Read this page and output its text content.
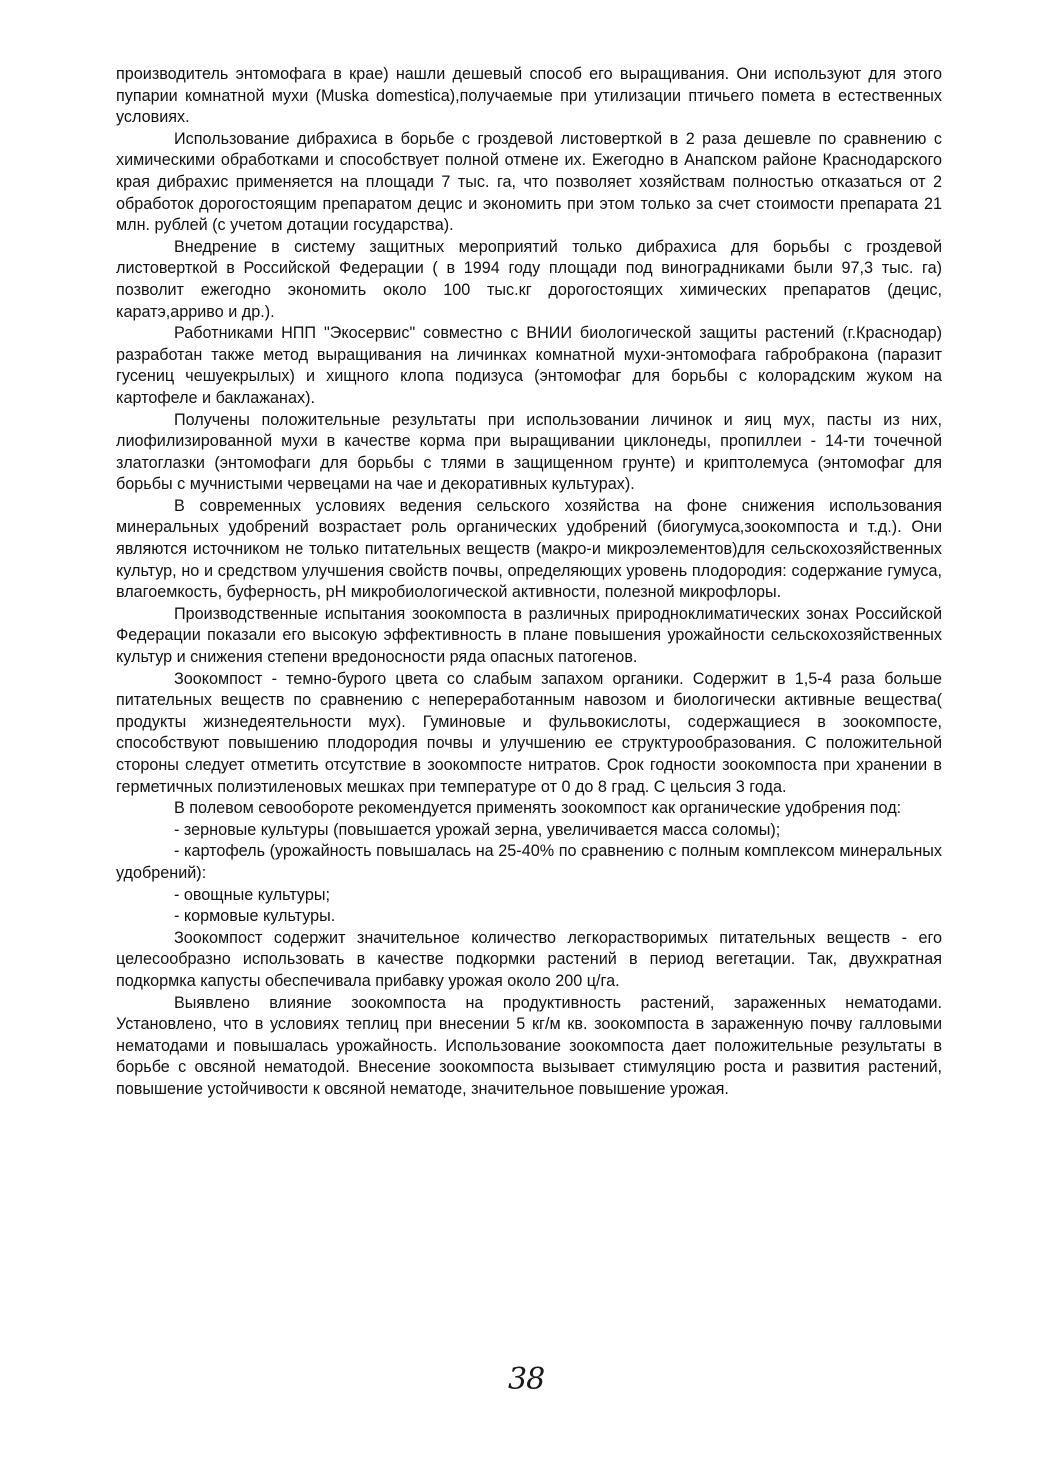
производитель энтомофага в крае) нашли дешевый способ его выращивания. Они используют для этого пупарии комнатной мухи (Muska domestica),получаемые при утилизации птичьего помета в естественных условиях.

Использование дибрахиса в борьбе с гроздевой листоверткой в 2 раза дешевле по сравнению с химическими обработками и способствует полной отмене их. Ежегодно в Анапском районе Краснодарского края дибрахис применяется на площади 7 тыс. га, что позволяет хозяйствам полностью отказаться от 2 обработок дорогостоящим препаратом децис и экономить при этом только за счет стоимости препарата 21 млн. рублей (с учетом дотации государства).

Внедрение в систему защитных мероприятий только дибрахиса для борьбы с гроздевой листоверткой в Российской Федерации ( в 1994 году площади под виноградниками были 97,3 тыс. га) позволит ежегодно экономить около 100 тыс.кг дорогостоящих химических препаратов (децис, каратэ,арриво и др.).

Работниками НПП "Экосервис" совместно с ВНИИ биологической защиты растений (г.Краснодар) разработан также метод выращивания на личинках комнатной мухи-энтомофага габробракона (паразит гусениц чешуекрылых) и хищного клопа подизуса (энтомофаг для борьбы с колорадским жуком на картофеле и баклажанах).

Получены положительные результаты при использовании личинок и яиц мух, пасты из них, лиофилизированной мухи в качестве корма при выращивании циклонеды, пропиллеи - 14-ти точечной златоглазки (энтомофаги для борьбы с тлями в защищенном грунте) и криптолемуса (энтомофаг для борьбы с мучнистыми червецами на чае и декоративных культурах).

В современных условиях ведения сельского хозяйства на фоне снижения использования минеральных удобрений возрастает роль органических удобрений (биогумуса,зоокомпоста и т.д.). Они являются источником не только питательных веществ (макро-и микроэлементов)для сельскохозяйственных культур, но и средством улучшения свойств почвы, определяющих уровень плодородия: содержание гумуса, влагоемкость, буферность, рН микробиологической активности, полезной микрофлоры.

Производственные испытания зоокомпоста в различных природноклиматических зонах Российской Федерации показали его высокую эффективность в плане повышения урожайности сельскохозяйственных культур и снижения степени вредоносности ряда опасных патогенов.

Зоокомпост - темно-бурого цвета со слабым запахом органики. Содержит в 1,5-4 раза больше питательных веществ по сравнению с непереработанным навозом и биологически активные вещества( продукты жизнедеятельности мух). Гуминовые и фульвокислоты, содержащиеся в зоокомпосте, способствуют повышению плодородия почвы и улучшению ее структурообразования. С положительной стороны следует отметить отсутствие в зоокомпосте нитратов. Срок годности зоокомпоста при хранении в герметичных полиэтиленовых мешках при температуре от 0 до 8 град. С цельсия 3 года.

В полевом севообороте рекомендуется применять зоокомпост как органические удобрения под:

- зерновые культуры (повышается урожай зерна, увеличивается масса соломы);

- картофель (урожайность повышалась на 25-40% по сравнению с полным комплексом минеральных удобрений):

- овощные культуры;

- кормовые культуры.

Зоокомпост содержит значительное количество легкорастворимых питательных веществ - его целесообразно использовать в качестве подкормки растений в период вегетации. Так, двухкратная подкормка капусты обеспечивала прибавку урожая около 200 ц/га.

Выявлено влияние зоокомпоста на продуктивность растений, зараженных нематодами. Установлено, что в условиях теплиц при внесении 5 кг/м кв. зоокомпоста в зараженную почву галловыми нематодами и повышалась урожайность. Использование зоокомпоста дает положительные результаты в борьбе с овсяной нематодой. Внесение зоокомпоста вызывает стимуляцию роста и развития растений, повышение устойчивости к овсяной нематоде, значительное повышение урожая.

38
